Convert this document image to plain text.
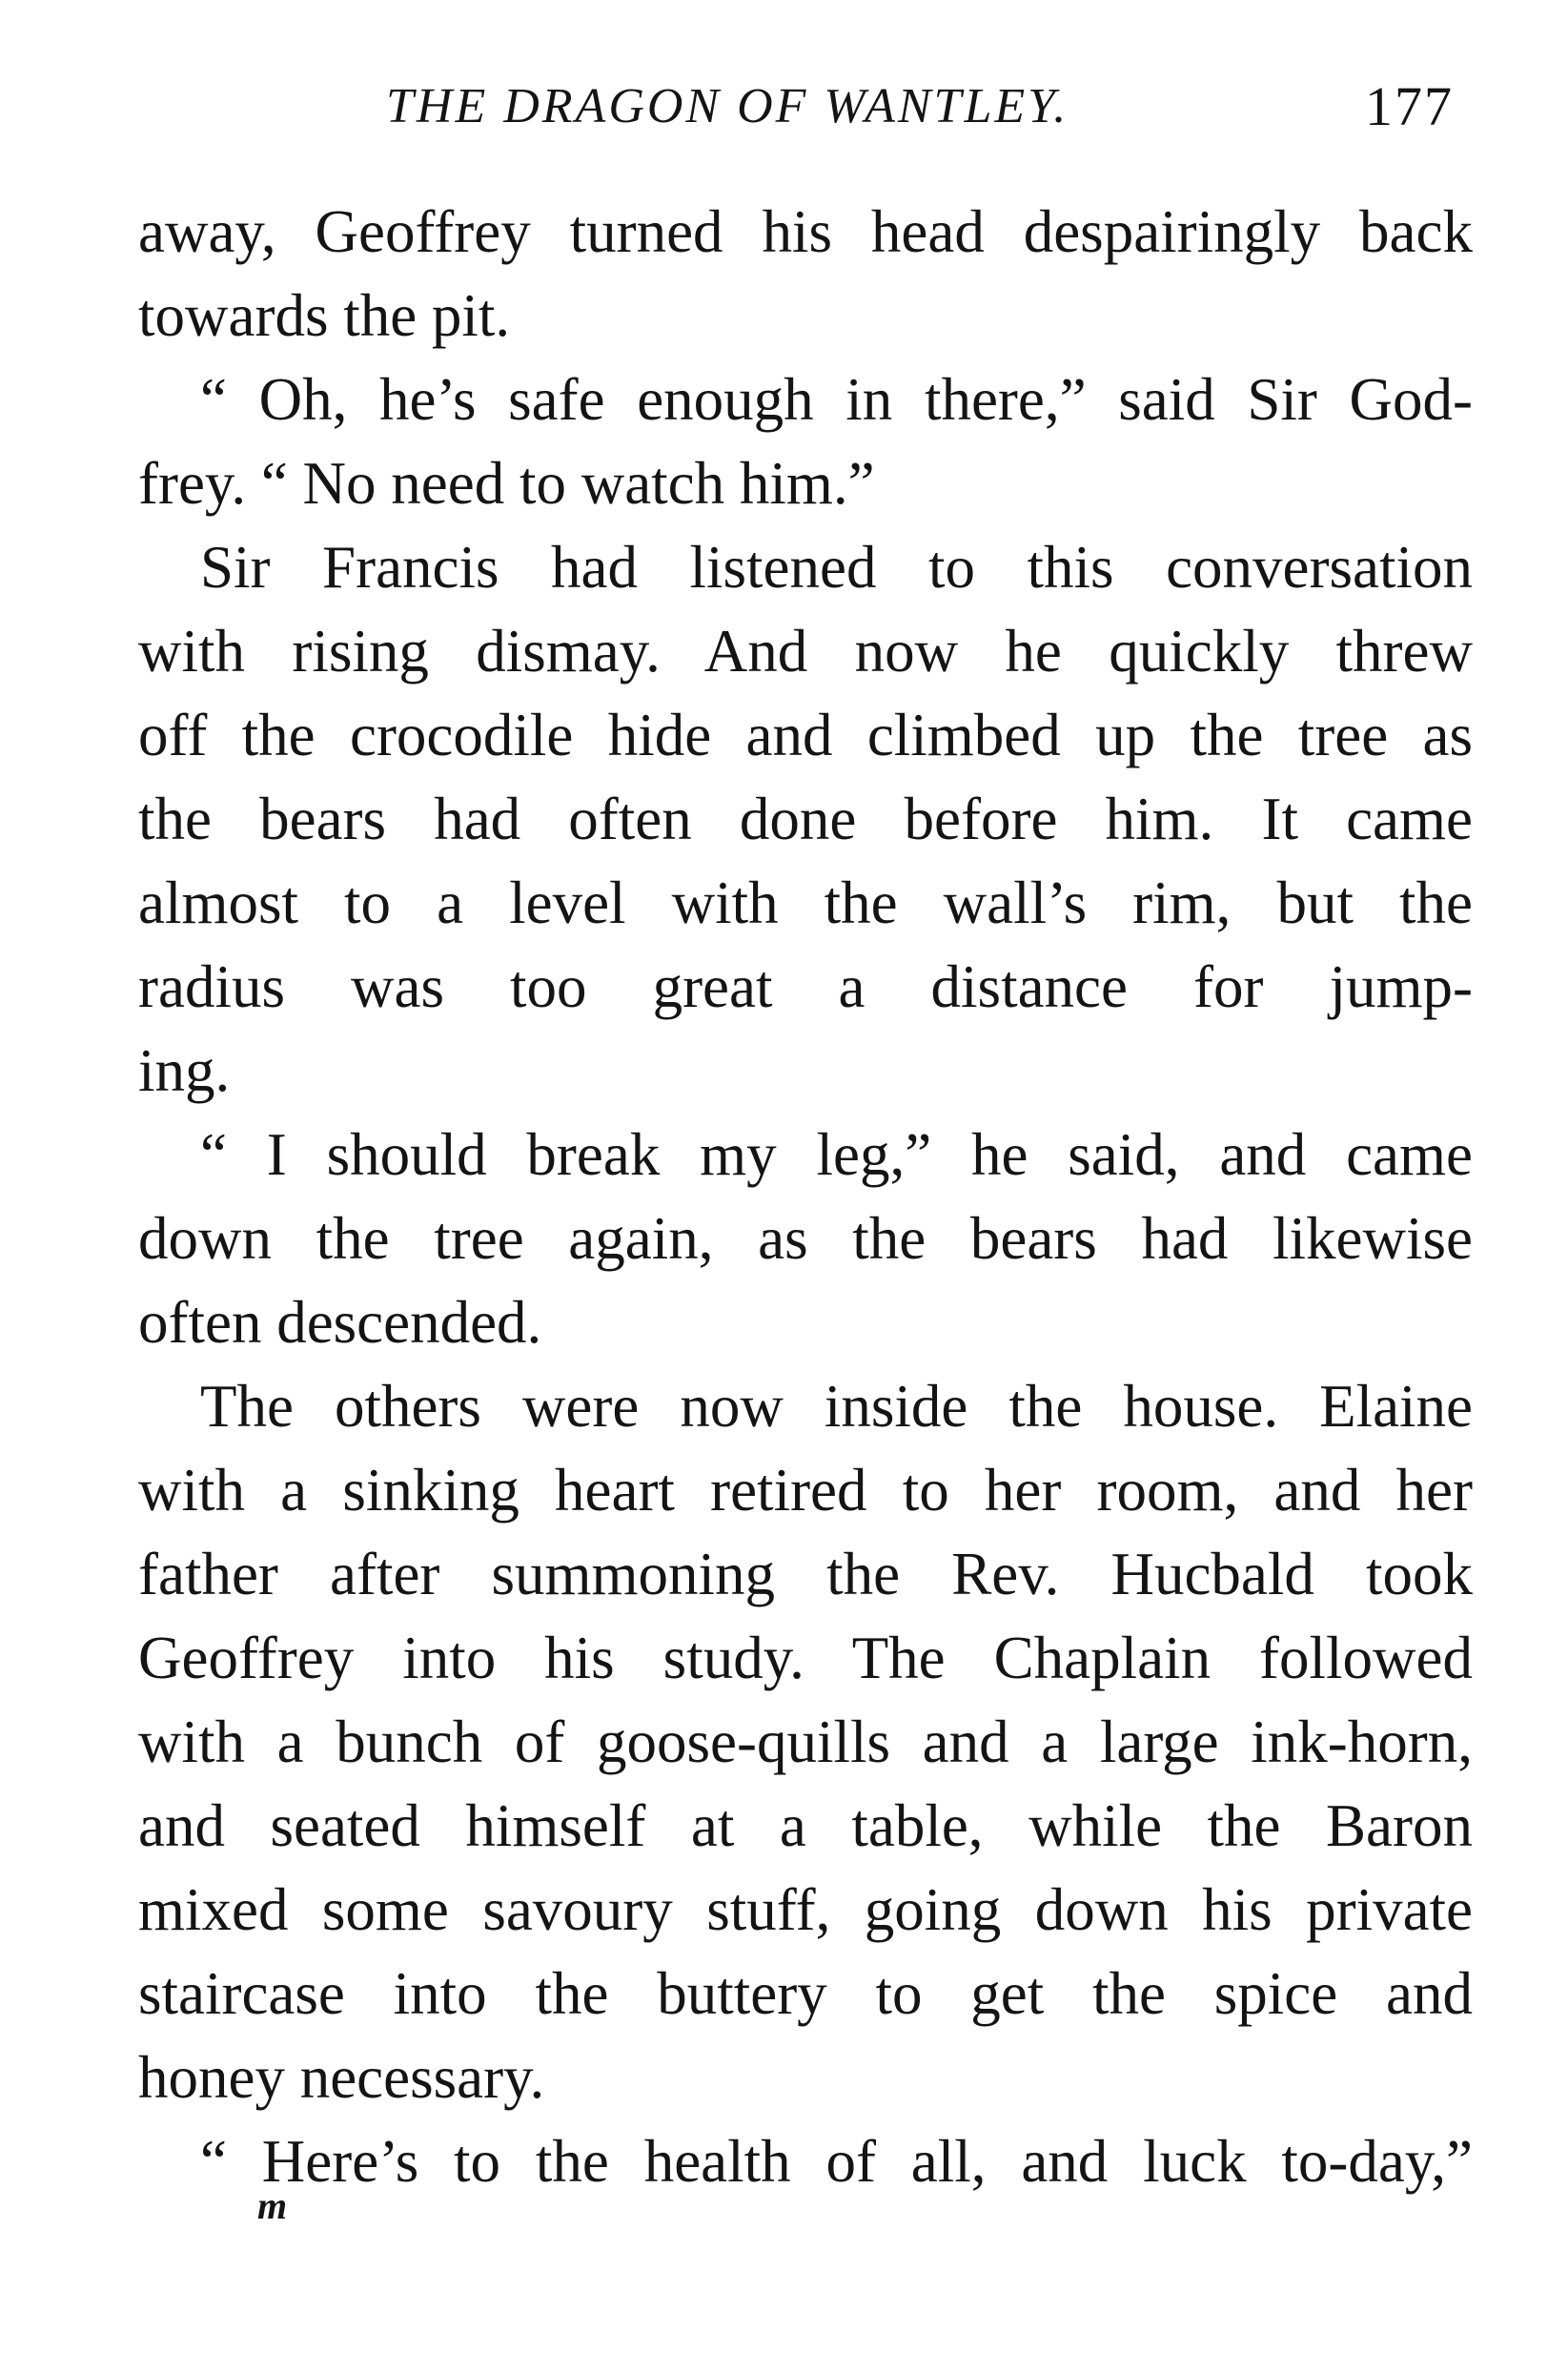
THE DRAGON OF WANTLEY.	177
away, Geoffrey turned his head despairingly back
towards the pit.
“ Oh, he’s safe enough in there,” said Sir God-
frey. “ No need to watch him.”
Sir Francis had listened to this conversation
with rising dismay. And now he quickly threw
off the crocodile hide and climbed up the tree as
the bears had often done before him. It came
almost to a level with the wall’s rim, but the
radius was too great a distance for jump-
ing.
“ I should break my leg,” he said, and came
down the tree again, as the bears had likewise
often descended.
The others were now inside the house. Elaine
with a sinking heart retired to her room, and her
father after summoning the Rev. Hucbald took
Geoffrey into his study. The Chaplain followed
with a bunch of goose-quills and a large ink-horn,
and seated himself at a table, while the Baron
mixed some savoury stuff, going down his private
staircase into the buttery to get the spice and
honey necessary.
“ Here’s to the health of all, and luck to-day,”
m
